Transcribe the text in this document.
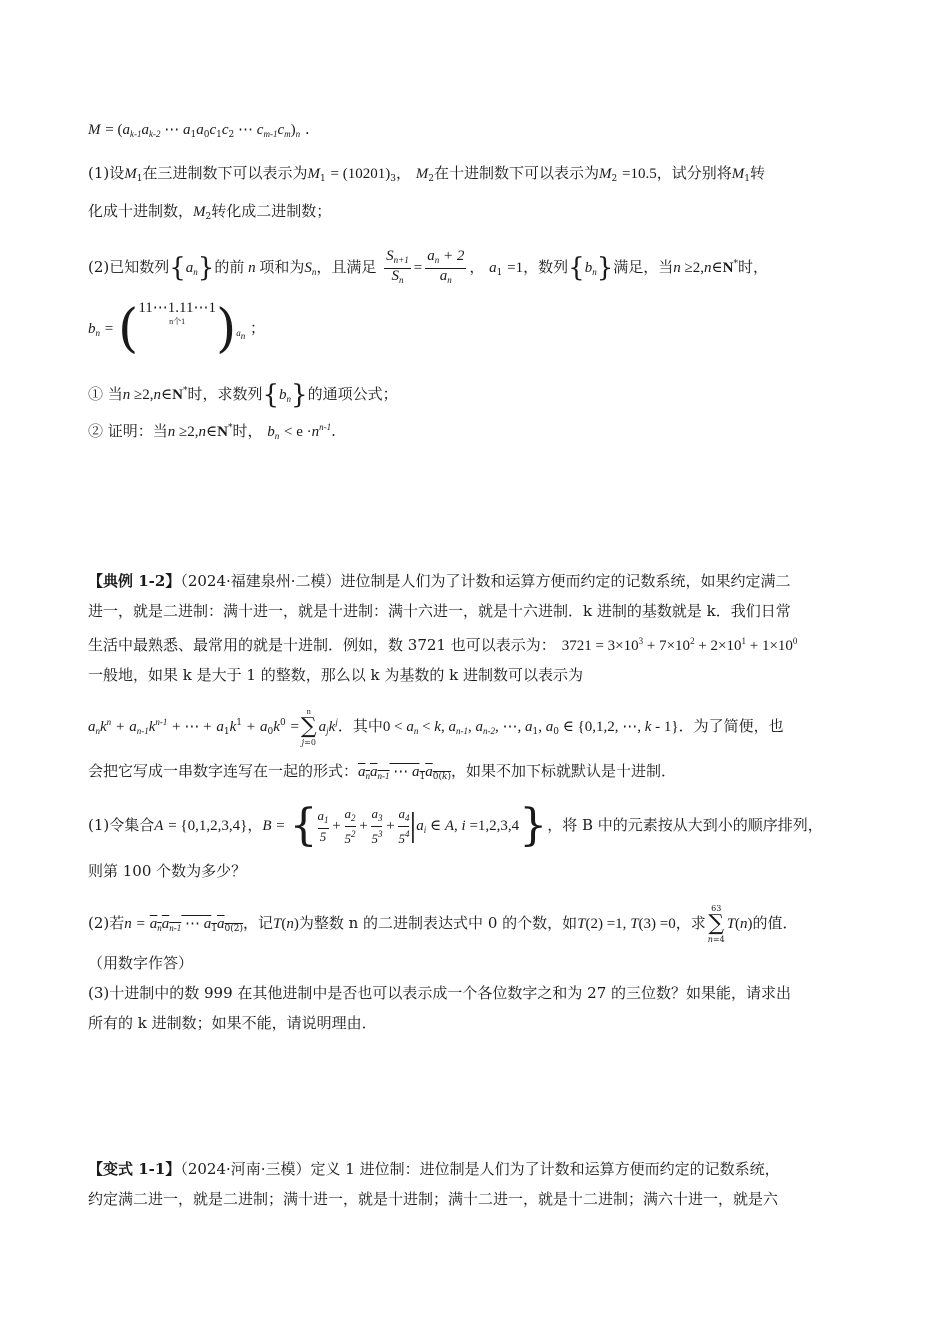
$M = (a_{k-1}a_{k-2}$ ⋯ $a_1a_0c_1c_2$ ⋯ $c_{m-1}c_m)_n$ .
(1)设$M_1$在三进制数下可以表示为$M_1 = (10201)_3$， $M_2$在十进制数下可以表示为$M_2 =10.5$，试分别将$M_1$转
化成十进制数，$M_2$转化成二进制数；
(2)已知数列$\{a_n\}$的前 n 项和为$S_n$，且满足 $\frac{S_{n+1}}{S_n} = \frac{a_n + 2}{a_n}$ ， $a_1 =1$，数列$\{b_n\}$满足，当n ≥2,n∈N*时，
$b_n$ = ( 11⋯1.11⋯1
n个1 )$_{a_n}$ ；
① 当n ≥2,n∈N*时，求数列$\{b_n\}$的通项公式；
② 证明：当n ≥2,n∈N*时， $b_n < e \cdot n^{n-1}$.
【典例 1-2】（2024·福建泉州·二模）进位制是人们为了计数和运算方便而约定的记数系统，如果约定满二
进一，就是二进制：满十进一，就是十进制：满十六进一，就是十六进制．k 进制的基数就是 k．我们日常
生活中最熟悉、最常用的就是十进制．例如，数 3721 也可以表示为： $3721 = 3\times 10^3 + 7\times 10^2 + 2\times 10^1 + 1\times 10^0$
一般地，如果 k 是大于 1 的整数，那么以 k 为基数的 k 进制数可以表示为
$a_nk^n + a_{n-1}k^{n-1}$ + ⋯ + $a_1k^1 + a_0k^0$ =
n
∑
j=0
$a_jk^j$．其中$0 < a_n < k$, $a_{n-1}$, $a_{n-2}$, ⋯, $a_1$, $a_0$ ∈ {0,1,2, ⋯, k - 1}．为了简便，也
会把它写成一串数字连写在一起的形式：$a_na_{n-1}$ ⋯ $a_1a_{0(k)}$，如果不加下标就默认是十进制．
(1)令集合A = {0,1,2,3,4}，B = { $\frac{a_1}{5} + \frac{a_2}{5^2} + \frac{a_3}{5^3} + \frac{a_4}{5^4} |a_i$ ∈ A, i =1,2,3,4}，将 B 中的元素按从大到小的顺序排列，
则第 100 个数为多少？
(2)若$n = a_na_{n-1}$ ⋯ $a_1a_{0(2)}$，记T(n)为整数 n 的二进制表达式中 0 的个数，如T(2) =1, T(3) =0，求
63
∑
n=4
T(n)的值．
（用数字作答）
(3)十进制中的数 999 在其他进制中是否也可以表示成一个各位数字之和为 27 的三位数？如果能，请求出
所有的 k 进制数；如果不能，请说明理由．
【变式 1-1】（2024·河南·三模）定义 1 进位制：进位制是人们为了计数和运算方便而约定的记数系统，
约定满二进一，就是二进制；满十进一，就是十进制；满十二进一，就是十二进制；满六十进一，就是六
